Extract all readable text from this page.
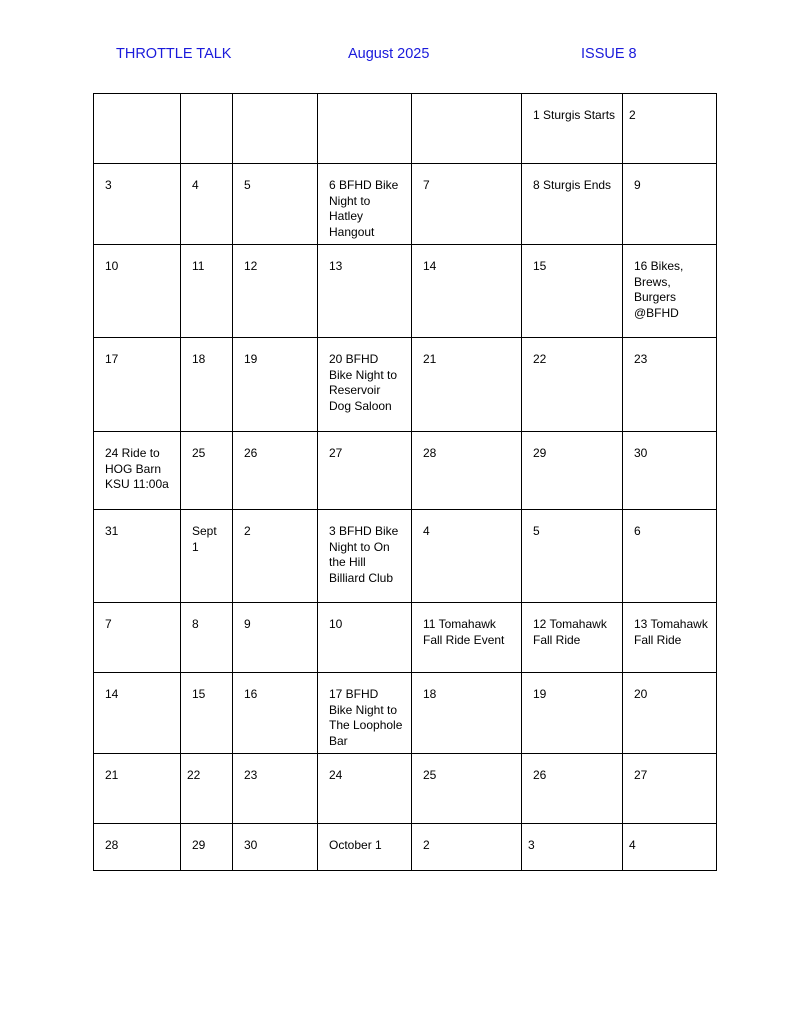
THROTTLE TALK	August 2025	ISSUE 8
					1 Sturgis Starts	2
3	4	5	6 BFHD Bike Night to Hatley Hangout	7	8 Sturgis Ends	9
10	11	12	13	14	15	16 Bikes, Brews, Burgers @BFHD
17	18	19	20 BFHD Bike Night to Reservoir Dog Saloon	21	22	23
24 Ride to HOG Barn KSU 11:00a	25	26	27	28	29	30
31	Sept 1	2	3 BFHD Bike Night to On the Hill Billiard Club	4	5	6
7	8	9	10	11 Tomahawk Fall Ride Event	12 Tomahawk Fall Ride	13 Tomahawk Fall Ride
14	15	16	17 BFHD Bike Night to The Loophole Bar	18	19	20
21	22	23	24	25	26	27
28	29	30	October 1	2	3	4
